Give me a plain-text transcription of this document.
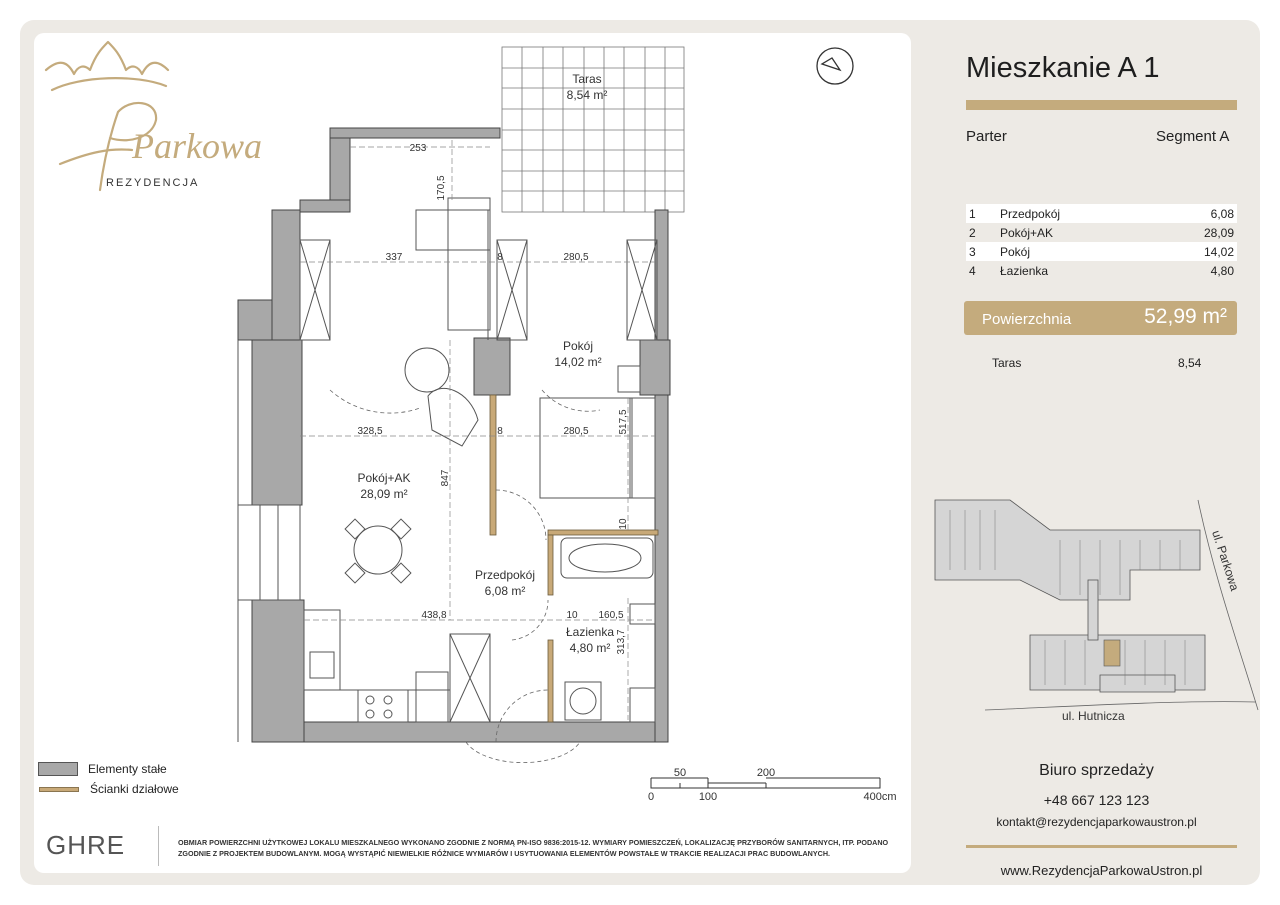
Parkowa
REZYDENCJA
Taras
8,54 m²
Pokój
14,02 m²
Pokój+AK
28,09 m²
Przedpokój
6,08 m²
Łazienka
4,80 m²
253
170,5
337	8	280,5
328,5	8	280,5	517,5
847
10
438,8	10 160,5
313,7
Elementy stałe
Ścianki działowe
50	200
0	100	400cm
GHRE	OBMIAR POWIERZCHNI UŻYTKOWEJ LOKALU MIESZKALNEGO WYKONANO ZGODNIE Z NORMĄ PN-ISO 9836:2015-12. WYMIARY POMIESZCZEŃ, LOKALIZACJĘ PRZYBORÓW SANITARNYCH, ITP. PODANO ZGODNIE Z PROJEKTEM BUDOWLANYM. MOGĄ WYSTĄPIĆ NIEWIELKIE RÓŻNICE WYMIARÓW I USYTUOWANIA ELEMENTÓW POWSTAŁE W TRAKCIE REALIZACJI PRAC BUDOWLANYCH.
Mieszkanie A 1
Parter	Segment A
1	Przedpokój	6,08
2	Pokój+AK	28,09
3	Pokój	14,02
4	Łazienka	4,80
Powierzchnia	52,99 m²
Taras	8,54
ul. Parkowa
ul. Hutnicza
Biuro sprzedaży
+48 667 123 123
kontakt@rezydencjaparkowaustron.pl
www.RezydencjaParkowaUstron.pl
